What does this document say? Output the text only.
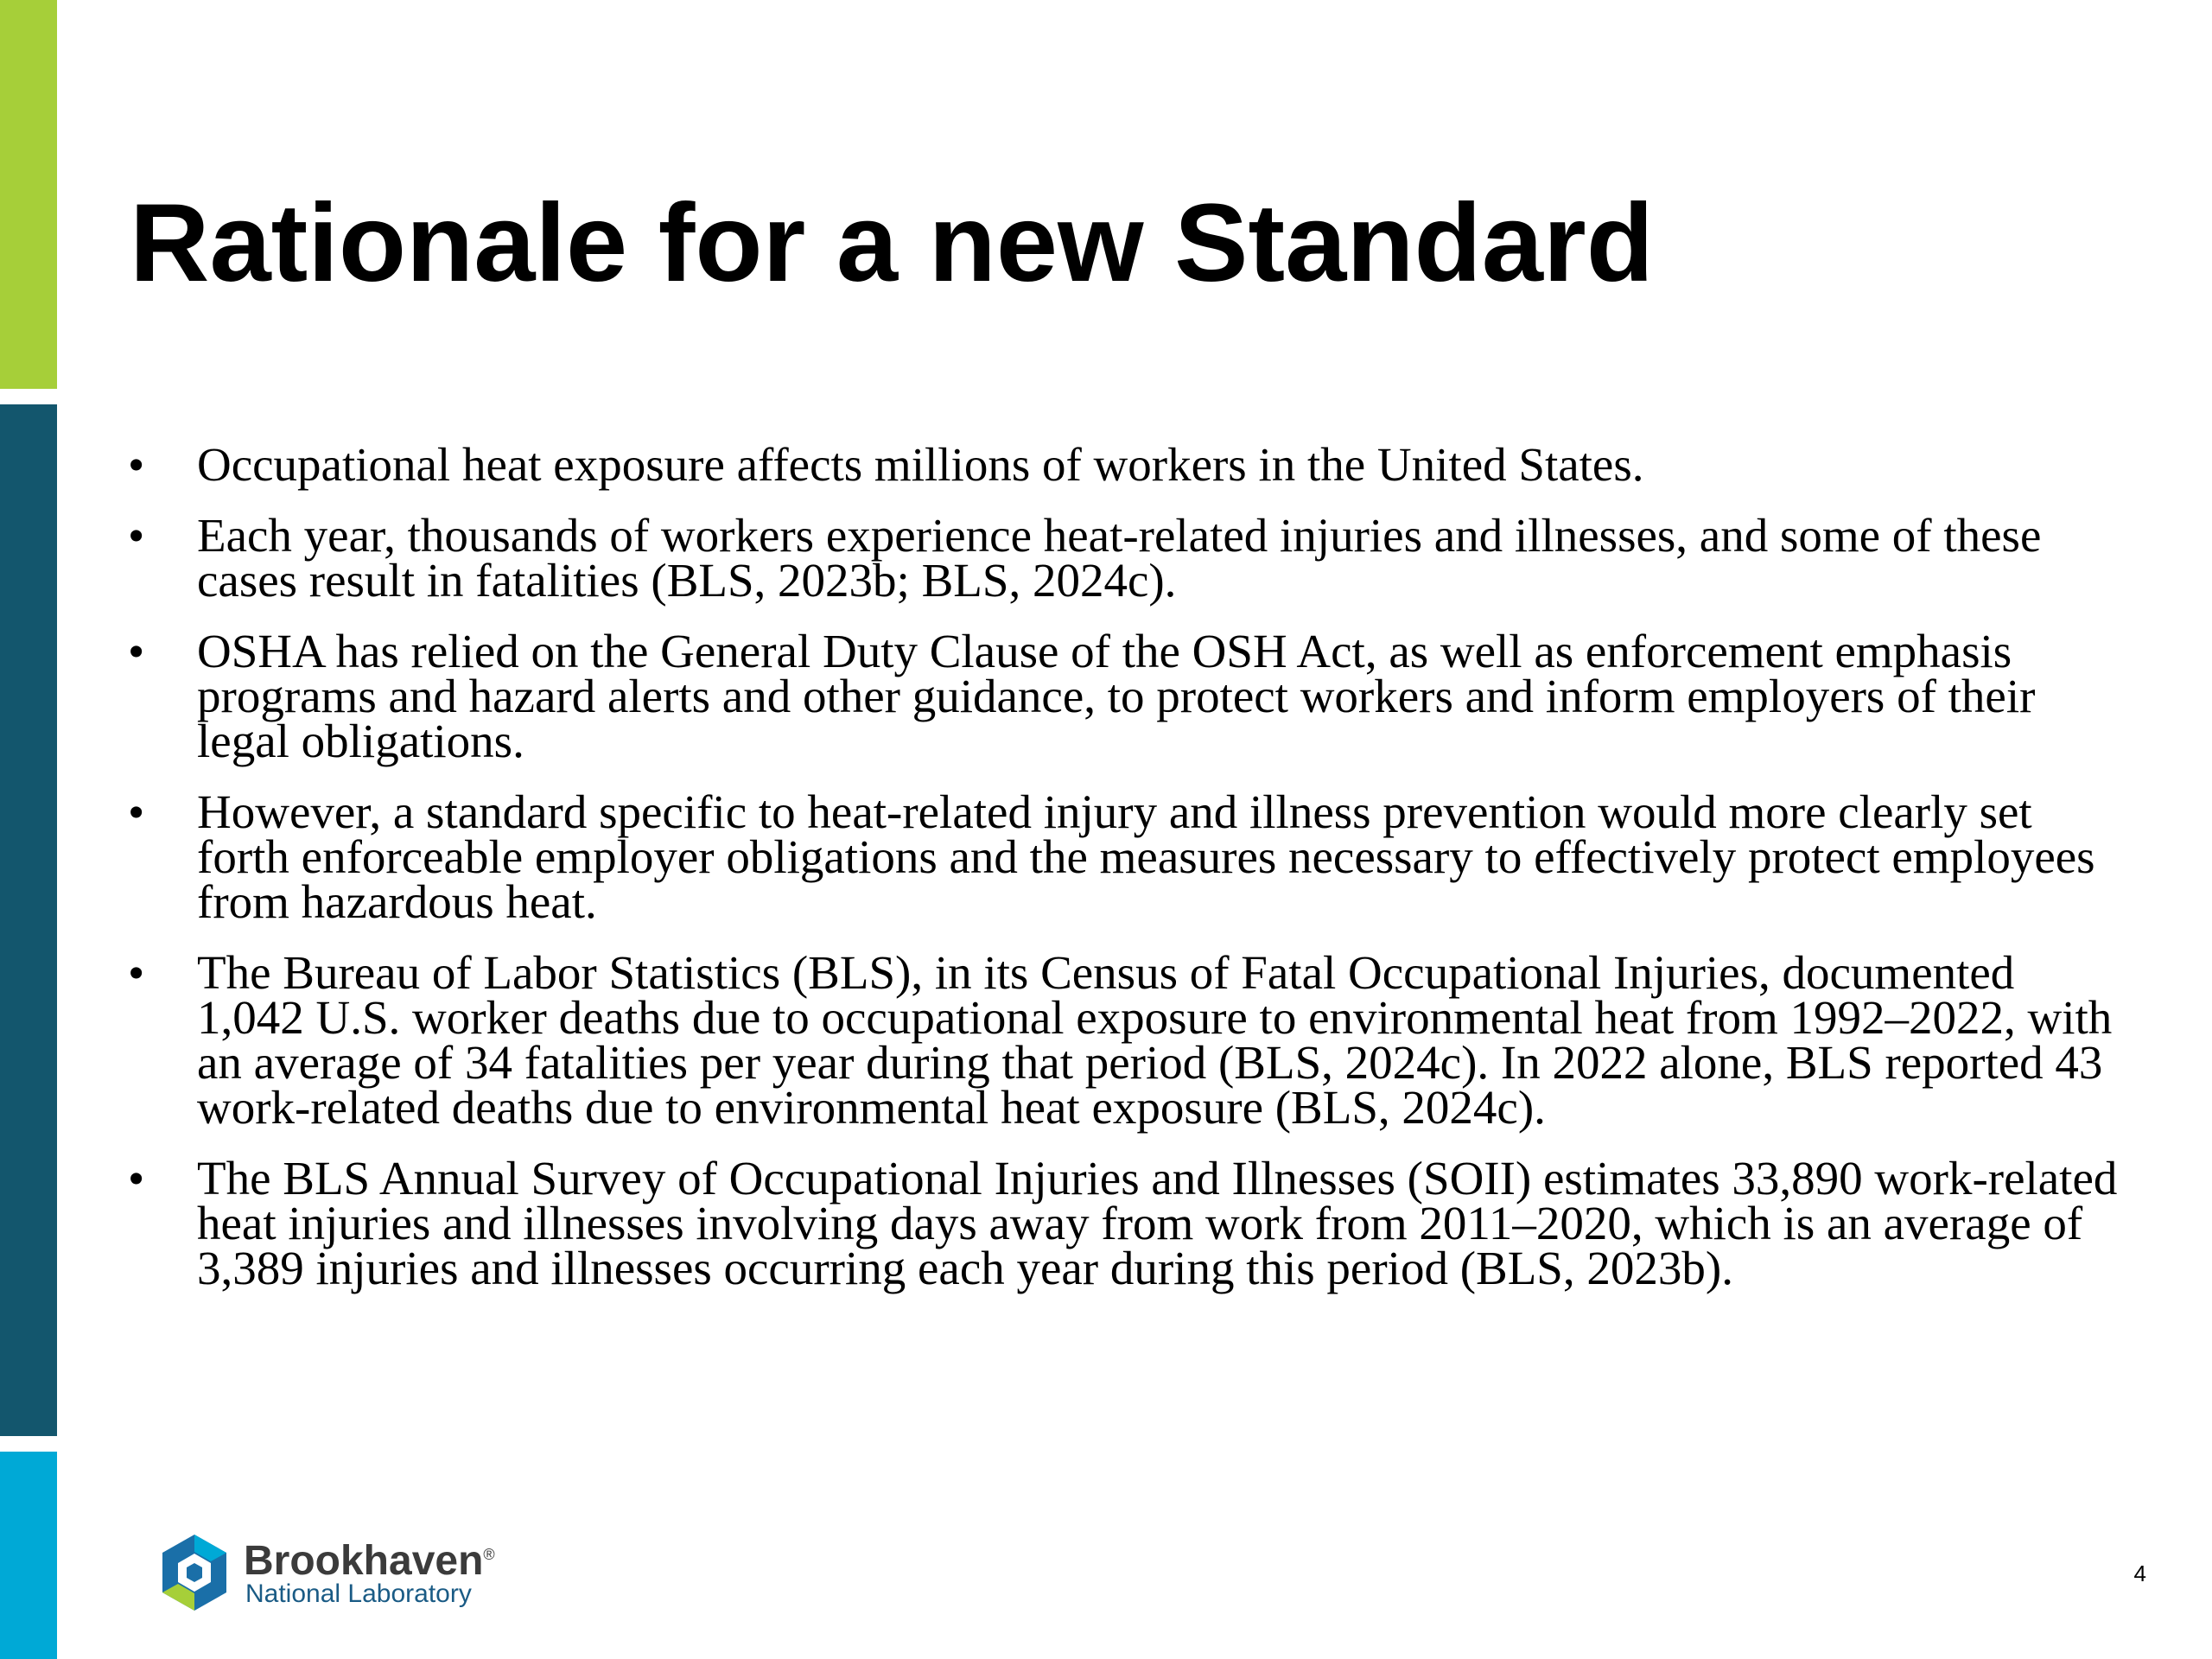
Rationale for a new Standard
•	Occupational heat exposure affects millions of workers in the United States.
•	Each year, thousands of workers experience heat-related injuries and illnesses, and some of these cases result in fatalities (BLS, 2023b; BLS, 2024c).
•	OSHA has relied on the General Duty Clause of the OSH Act, as well as enforcement emphasis programs and hazard alerts and other guidance, to protect workers and inform employers of their legal obligations.
•	However, a standard specific to heat-related injury and illness prevention would more clearly set forth enforceable employer obligations and the measures necessary to effectively protect employees from hazardous heat.
•	The Bureau of Labor Statistics (BLS), in its Census of Fatal Occupational Injuries, documented 1,042 U.S. worker deaths due to occupational exposure to environmental heat from 1992–2022, with an average of 34 fatalities per year during that period (BLS, 2024c). In 2022 alone, BLS reported 43 work-related deaths due to environmental heat exposure (BLS, 2024c).
•	The BLS Annual Survey of Occupational Injuries and Illnesses (SOII) estimates 33,890 work-related heat injuries and illnesses involving days away from work from 2011–2020, which is an average of 3,389 injuries and illnesses occurring each year during this period (BLS, 2023b).
Brookhaven®
National Laboratory
4
